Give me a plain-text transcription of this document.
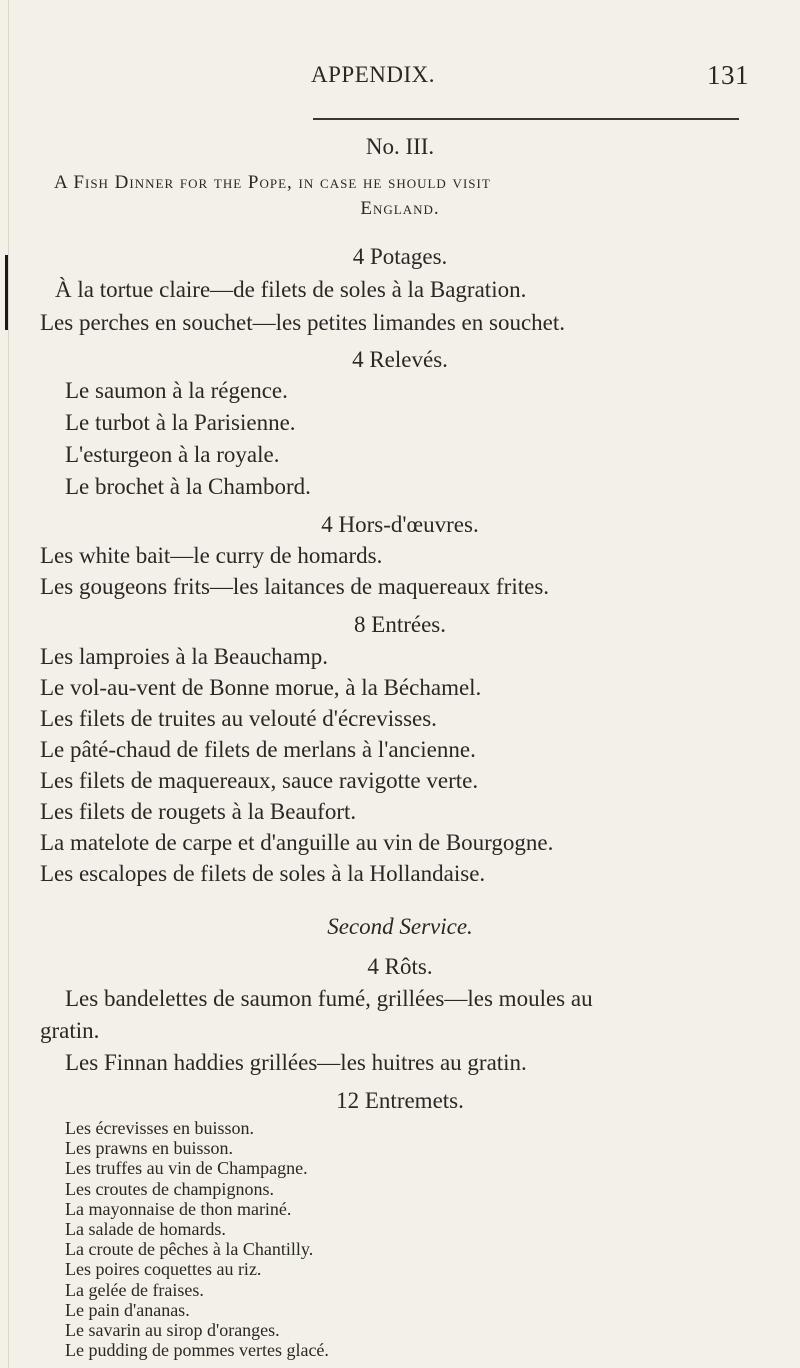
APPENDIX.	131
No. III.
A Fish Dinner for the Pope, in case he should visit
England.
4 Potages.
À la tortue claire—de filets de soles à la Bagration.
Les perches en souchet—les petites limandes en souchet.
4 Relevés.
Le saumon à la régence.
Le turbot à la Parisienne.
L'esturgeon à la royale.
Le brochet à la Chambord.
4 Hors-d'œuvres.
Les white bait—le curry de homards.
Les gougeons frits—les laitances de maquereaux frites.
8 Entrées.
Les lamproies à la Beauchamp.
Le vol-au-vent de Bonne morue, à la Béchamel.
Les filets de truites au velouté d'écrevisses.
Le pâté-chaud de filets de merlans à l'ancienne.
Les filets de maquereaux, sauce ravigotte verte.
Les filets de rougets à la Beaufort.
La matelote de carpe et d'anguille au vin de Bourgogne.
Les escalopes de filets de soles à la Hollandaise.
Second Service.
4 Rôts.
Les bandelettes de saumon fumé, grillées—les moules au
gratin.
Les Finnan haddies grillées—les huitres au gratin.
12 Entremets.
Les écrevisses en buisson.
Les prawns en buisson.
Les truffes au vin de Champagne.
Les croutes de champignons.
La mayonnaise de thon mariné.
La salade de homards.
La croute de pêches à la Chantilly.
Les poires coquettes au riz.
La gelée de fraises.
Le pain d'ananas.
Le savarin au sirop d'oranges.
Le pudding de pommes vertes glacé.
